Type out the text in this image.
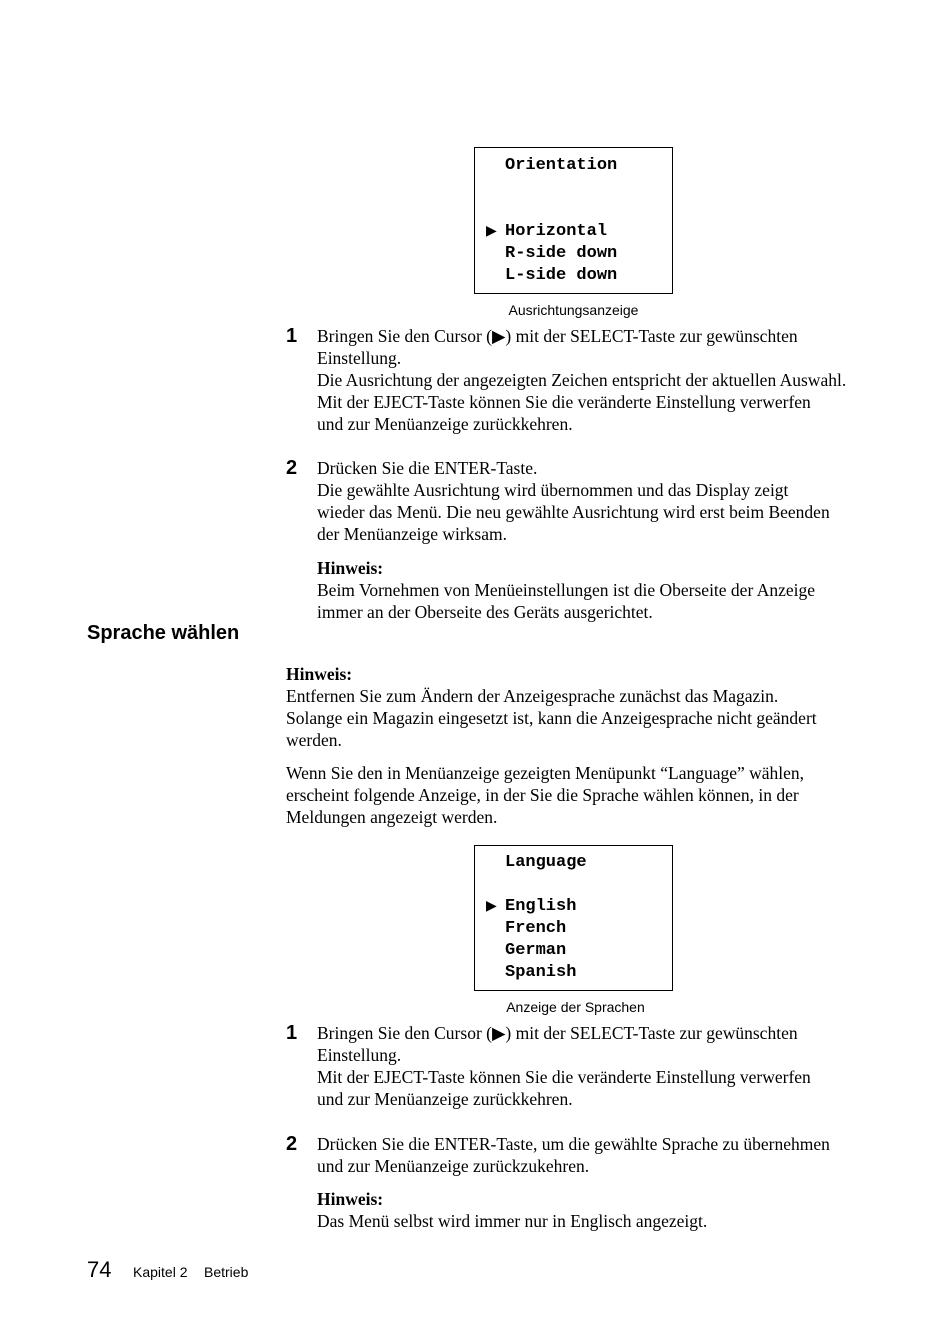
Orientation
▶ Horizontal
R-side down
L-side down
Ausrichtungsanzeige
1 Bringen Sie den Cursor (▶) mit der SELECT-Taste zur gewünschten

Einstellung.

Die Ausrichtung der angezeigten Zeichen entspricht der aktuellen Auswahl.

Mit der EJECT-Taste können Sie die veränderte Einstellung verwerfen

und zur Menüanzeige zurückkehren.

2 Drücken Sie die ENTER-Taste.

Die gewählte Ausrichtung wird übernommen und das Display zeigt

wieder das Menü. Die neu gewählte Ausrichtung wird erst beim Beenden

der Menüanzeige wirksam.

Hinweis:

Beim Vornehmen von Menüeinstellungen ist die Oberseite der Anzeige

immer an der Oberseite des Geräts ausgerichtet.

Sprache wählen

Hinweis:

Entfernen Sie zum Ändern der Anzeigesprache zunächst das Magazin.

Solange ein Magazin eingesetzt ist, kann die Anzeigesprache nicht geändert

werden.

Wenn Sie den in Menüanzeige gezeigten Menüpunkt “Language” wählen,

erscheint folgende Anzeige, in der Sie die Sprache wählen können, in der

Meldungen angezeigt werden.

Language
▶ English
French
German
Spanish
Anzeige der Sprachen
1 Bringen Sie den Cursor (▶) mit der SELECT-Taste zur gewünschten

Einstellung.

Mit der EJECT-Taste können Sie die veränderte Einstellung verwerfen

und zur Menüanzeige zurückkehren.

2 Drücken Sie die ENTER-Taste, um die gewählte Sprache zu übernehmen

und zur Menüanzeige zurückzukehren.

Hinweis:

Das Menü selbst wird immer nur in Englisch angezeigt.

74 Kapitel 2 Betrieb
